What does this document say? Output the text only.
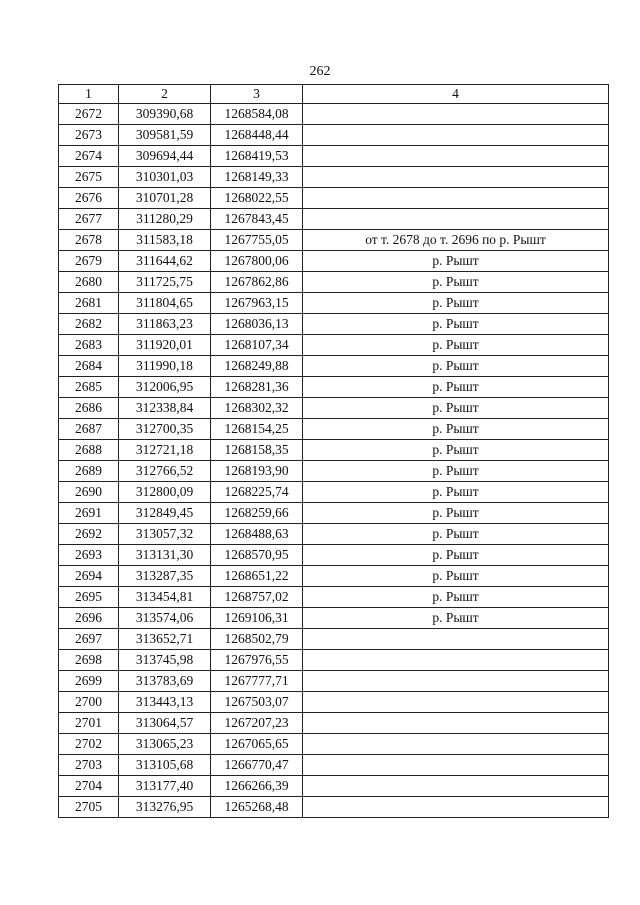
262
1	2	3	4
2672	309390,68	1268584,08	
2673	309581,59	1268448,44	
2674	309694,44	1268419,53	
2675	310301,03	1268149,33	
2676	310701,28	1268022,55	
2677	311280,29	1267843,45	
2678	311583,18	1267755,05	от т. 2678 до т. 2696 по р. Рышт
2679	311644,62	1267800,06	р. Рышт
2680	311725,75	1267862,86	р. Рышт
2681	311804,65	1267963,15	р. Рышт
2682	311863,23	1268036,13	р. Рышт
2683	311920,01	1268107,34	р. Рышт
2684	311990,18	1268249,88	р. Рышт
2685	312006,95	1268281,36	р. Рышт
2686	312338,84	1268302,32	р. Рышт
2687	312700,35	1268154,25	р. Рышт
2688	312721,18	1268158,35	р. Рышт
2689	312766,52	1268193,90	р. Рышт
2690	312800,09	1268225,74	р. Рышт
2691	312849,45	1268259,66	р. Рышт
2692	313057,32	1268488,63	р. Рышт
2693	313131,30	1268570,95	р. Рышт
2694	313287,35	1268651,22	р. Рышт
2695	313454,81	1268757,02	р. Рышт
2696	313574,06	1269106,31	р. Рышт
2697	313652,71	1268502,79	
2698	313745,98	1267976,55	
2699	313783,69	1267777,71	
2700	313443,13	1267503,07	
2701	313064,57	1267207,23	
2702	313065,23	1267065,65	
2703	313105,68	1266770,47	
2704	313177,40	1266266,39	
2705	313276,95	1265268,48	
